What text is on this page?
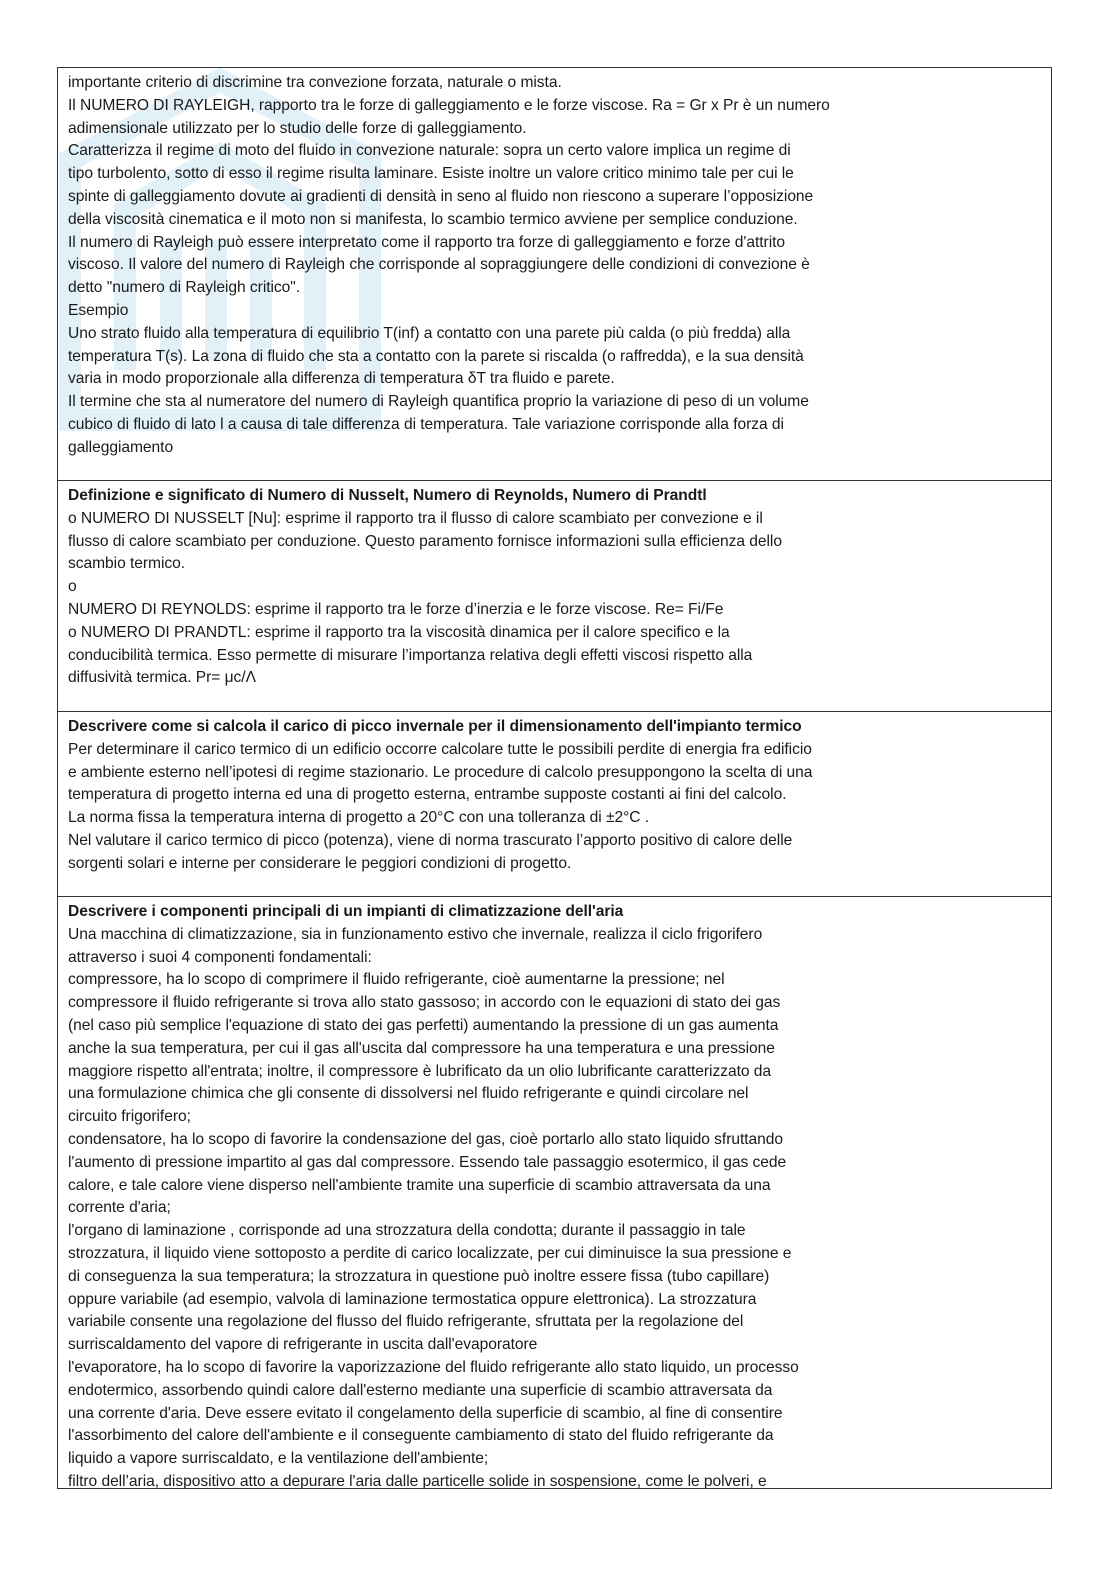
importante criterio di discrimine tra convezione forzata, naturale o mista.
Il NUMERO DI RAYLEIGH, rapporto tra le forze di galleggiamento e le forze viscose. Ra = Gr x Pr è un numero
adimensionale utilizzato per lo studio delle forze di galleggiamento.
Caratterizza il regime di moto del fluido in convezione naturale: sopra un certo valore implica un regime di
tipo turbolento, sotto di esso il regime risulta laminare. Esiste inoltre un valore critico minimo tale per cui le
spinte di galleggiamento dovute ai gradienti di densità in seno al fluido non riescono a superare l’opposizione
della viscosità cinematica e il moto non si manifesta, lo scambio termico avviene per semplice conduzione.
Il numero di Rayleigh può essere interpretato come il rapporto tra forze di galleggiamento e forze d'attrito
viscoso. Il valore del numero di Rayleigh che corrisponde al sopraggiungere delle condizioni di convezione è
detto "numero di Rayleigh critico".
Esempio
Uno strato fluido alla temperatura di equilibrio T(inf) a contatto con una parete più calda (o più fredda) alla
temperatura T(s). La zona di fluido che sta a contatto con la parete si riscalda (o raffredda), e la sua densità
varia in modo proporzionale alla differenza di temperatura δT tra fluido e parete.
Il termine che sta al numeratore del numero di Rayleigh quantifica proprio la variazione di peso di un volume
cubico di fluido di lato l a causa di tale differenza di temperatura. Tale variazione corrisponde alla forza di
galleggiamento
Definizione e significato di Numero di Nusselt, Numero di Reynolds, Numero di Prandtl
o NUMERO DI NUSSELT [Nu]: esprime il rapporto tra il flusso di calore scambiato per convezione e il
flusso di calore scambiato per conduzione. Questo paramento fornisce informazioni sulla efficienza dello
scambio termico.
o
NUMERO DI REYNOLDS: esprime il rapporto tra le forze d’inerzia e le forze viscose. Re= Fi/Fe
o NUMERO DI PRANDTL: esprime il rapporto tra la viscosità dinamica per il calore specifico e la
conducibilità termica. Esso permette di misurare l’importanza relativa degli effetti viscosi rispetto alla
diffusività termica. Pr= μc/Λ
Descrivere come si calcola il carico di picco invernale per il dimensionamento dell'impianto termico
Per determinare il carico termico di un edificio occorre calcolare tutte le possibili perdite di energia fra edificio
e ambiente esterno nell’ipotesi di regime stazionario. Le procedure di calcolo presuppongono la scelta di una
temperatura di progetto interna ed una di progetto esterna, entrambe supposte costanti ai fini del calcolo.
La norma fissa la temperatura interna di progetto a 20°C con una tolleranza di ±2°C .
Nel valutare il carico termico di picco (potenza), viene di norma trascurato l’apporto positivo di calore delle
sorgenti solari e interne per considerare le peggiori condizioni di progetto.
Descrivere i componenti principali di un impianti di climatizzazione dell'aria
Una macchina di climatizzazione, sia in funzionamento estivo che invernale, realizza il ciclo frigorifero
attraverso i suoi 4 componenti fondamentali:
compressore, ha lo scopo di comprimere il fluido refrigerante, cioè aumentarne la pressione; nel
compressore il fluido refrigerante si trova allo stato gassoso; in accordo con le equazioni di stato dei gas
(nel caso più semplice l'equazione di stato dei gas perfetti) aumentando la pressione di un gas aumenta
anche la sua temperatura, per cui il gas all'uscita dal compressore ha una temperatura e una pressione
maggiore rispetto all'entrata; inoltre, il compressore è lubrificato da un olio lubrificante caratterizzato da
una formulazione chimica che gli consente di dissolversi nel fluido refrigerante e quindi circolare nel
circuito frigorifero;
condensatore, ha lo scopo di favorire la condensazione del gas, cioè portarlo allo stato liquido sfruttando
l'aumento di pressione impartito al gas dal compressore. Essendo tale passaggio esotermico, il gas cede
calore, e tale calore viene disperso nell'ambiente tramite una superficie di scambio attraversata da una
corrente d'aria;
l'organo di laminazione , corrisponde ad una strozzatura della condotta; durante il passaggio in tale
strozzatura, il liquido viene sottoposto a perdite di carico localizzate, per cui diminuisce la sua pressione e
di conseguenza la sua temperatura; la strozzatura in questione può inoltre essere fissa (tubo capillare)
oppure variabile (ad esempio, valvola di laminazione termostatica oppure elettronica). La strozzatura
variabile consente una regolazione del flusso del fluido refrigerante, sfruttata per la regolazione del
surriscaldamento del vapore di refrigerante in uscita dall'evaporatore
l'evaporatore, ha lo scopo di favorire la vaporizzazione del fluido refrigerante allo stato liquido, un processo
endotermico, assorbendo quindi calore dall'esterno mediante una superficie di scambio attraversata da
una corrente d'aria. Deve essere evitato il congelamento della superficie di scambio, al fine di consentire
l'assorbimento del calore dell'ambiente e il conseguente cambiamento di stato del fluido refrigerante da
liquido a vapore surriscaldato, e la ventilazione dell'ambiente;
filtro dell’aria, dispositivo atto a depurare l'aria dalle particelle solide in sospensione, come le polveri, e
